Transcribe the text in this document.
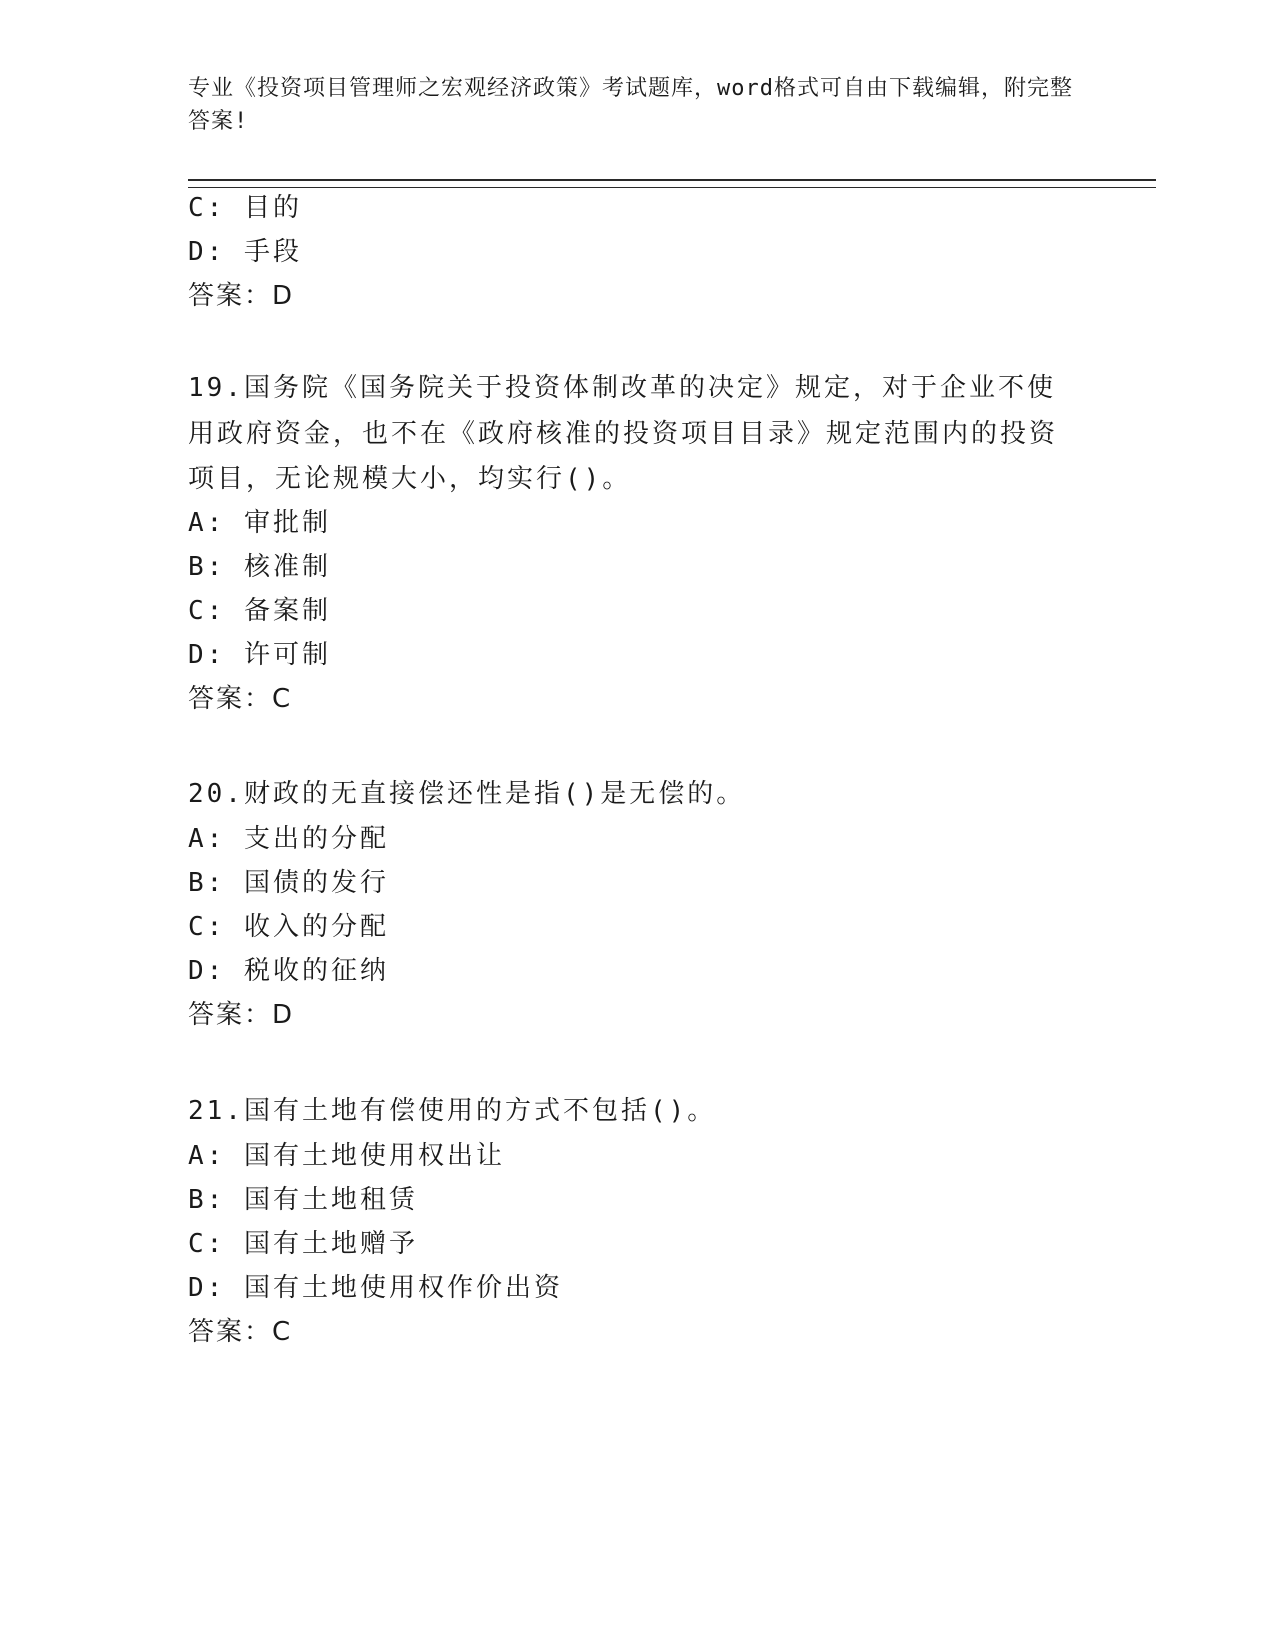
专业《投资项目管理师之宏观经济政策》考试题库，word格式可自由下载编辑，附完整答案!
C: 目的
D: 手段
答案：D
19.国务院《国务院关于投资体制改革的决定》规定，对于企业不使用政府资金，也不在《政府核准的投资项目目录》规定范围内的投资项目，无论规模大小，均实行()。
A: 审批制
B: 核准制
C: 备案制
D: 许可制
答案：C
20.财政的无直接偿还性是指()是无偿的。
A: 支出的分配
B: 国债的发行
C: 收入的分配
D: 税收的征纳
答案：D
21.国有土地有偿使用的方式不包括()。
A: 国有土地使用权出让
B: 国有土地租赁
C: 国有土地赠予
D: 国有土地使用权作价出资
答案：C
